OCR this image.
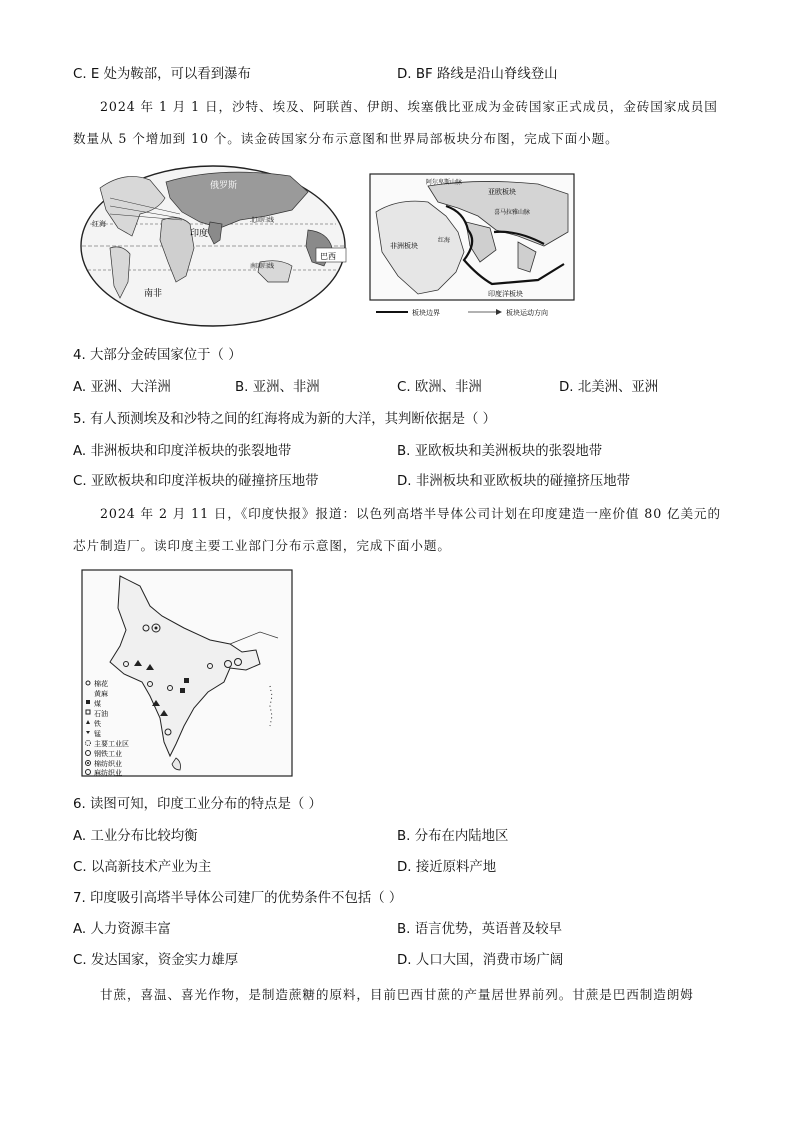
C. E 处为鞍部，可以看到瀑布	D. BF 路线是沿山脊线登山
2024 年 1 月 1 日，沙特、埃及、阿联酋、伊朗、埃塞俄比亚成为金砖国家正式成员，金砖国家成员国
数量从 5 个增加到 10 个。读金砖国家分布示意图和世界局部板块分布图，完成下面小题。
巴西
俄罗斯
印度
南非
红海	北回归线
南回归线
亚欧板块
非洲板块
印度洋板块
红海
阿尔卑斯山脉
喜马拉雅山脉
板块边界	板块运动方向
4. 大部分金砖国家位于（ ）
A. 亚洲、大洋洲	B. 亚洲、非洲	C. 欧洲、非洲	D. 北美洲、亚洲
5. 有人预测埃及和沙特之间的红海将成为新的大洋，其判断依据是（ ）
A. 非洲板块和印度洋板块的张裂地带	B. 亚欧板块和美洲板块的张裂地带
C. 亚欧板块和印度洋板块的碰撞挤压地带	D. 非洲板块和亚欧板块的碰撞挤压地带
2024 年 2 月 11 日，《印度快报》报道：以色列高塔半导体公司计划在印度建造一座价值 80 亿美元的
芯片制造厂。读印度主要工业部门分布示意图，完成下面小题。
棉花
黄麻
煤
石油
铁
锰
主要工业区
钢铁工业
棉纺织业
麻纺织业
6. 读图可知，印度工业分布的特点是（ ）
A. 工业分布比较均衡	B. 分布在内陆地区
C. 以高新技术产业为主	D. 接近原料产地
7. 印度吸引高塔半导体公司建厂的优势条件不包括（ ）
A. 人力资源丰富	B. 语言优势，英语普及较早
C. 发达国家，资金实力雄厚	D. 人口大国，消费市场广阔
甘蔗，喜温、喜光作物，是制造蔗糖的原料，目前巴西甘蔗的产量居世界前列。甘蔗是巴西制造朗姆
